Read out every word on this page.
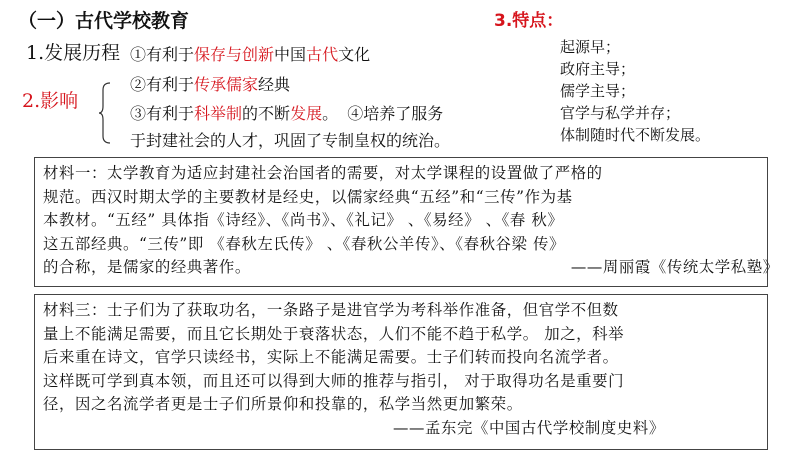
（一）古代学校教育
1.发展历程 ①有利于保存与创新中国古代文化
2.影响
②有利于传承儒家经典
③有利于科举制的不断发展。 ④培养了服务
于封建社会的人才，巩固了专制皇权的统治。
3.特点：
起源早；
政府主导；
儒学主导；
官学与私学并存；
体制随时代不断发展。

材料一：太学教育为适应封建社会治国者的需要，对太学课程的设置做了严格的

规范。西汉时期太学的主要教材是经史，以儒家经典“五经”和“三传”作为基

本教材。“五经” 具体指《诗经》、《尚书》、《礼记》 、《易经》 、《春 秋》

这五部经典。“三传”即 《春秋左氏传》 、《春秋公羊传》、《春秋谷梁 传》

的合称，是儒家的经典著作。	——周丽霞《传统太学私塾》

材料三：士子们为了获取功名，一条路子是进官学为考科举作准备，但官学不但数

量上不能满足需要，而且它长期处于衰落状态，人们不能不趋于私学。 加之，科举

后来重在诗文，官学只读经书，实际上不能满足需要。士子们转而投向名流学者。

这样既可学到真本领，而且还可以得到大师的推荐与指引， 对于取得功名是重要门

径，因之名流学者更是士子们所景仰和投靠的，私学当然更加繁荣。

——孟东完《中国古代学校制度史料》
